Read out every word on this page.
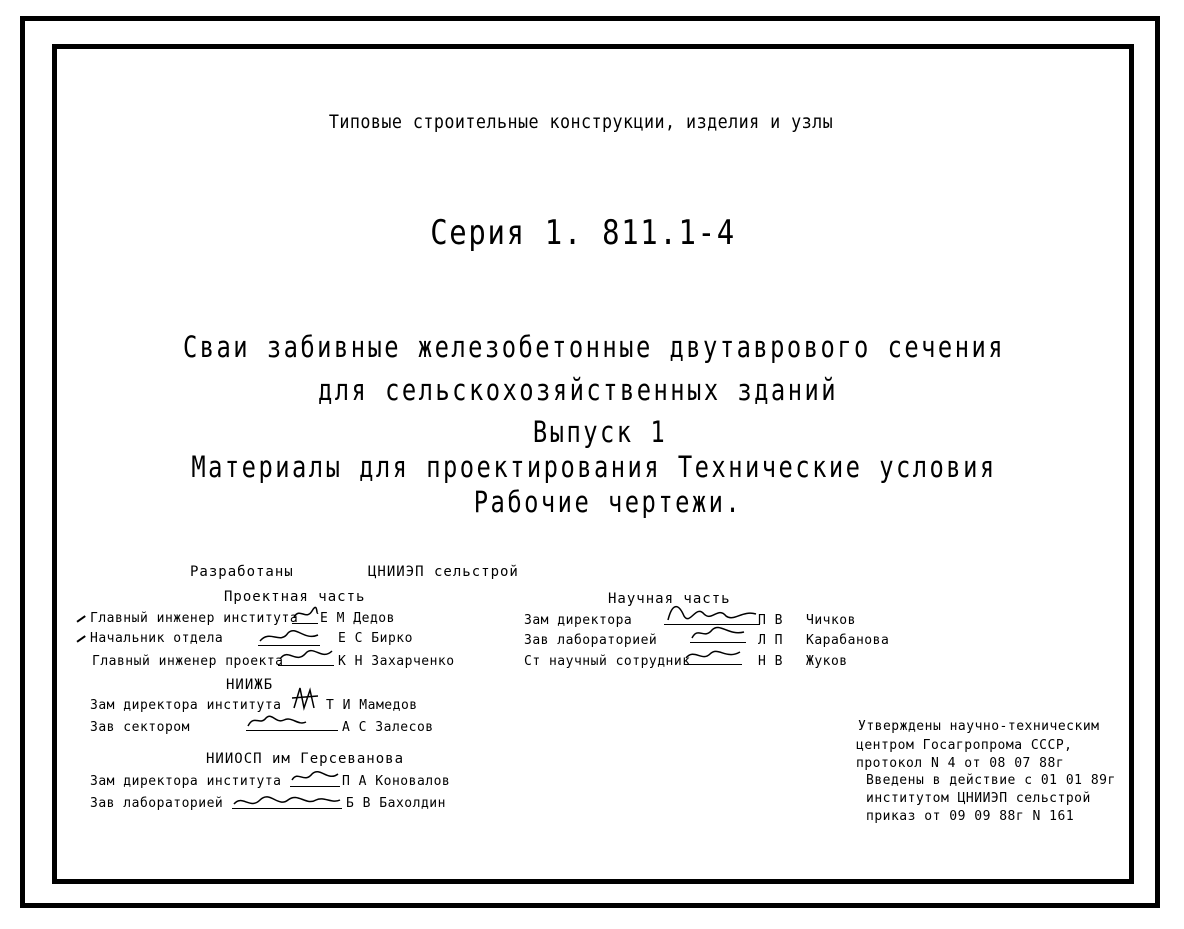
Типовые строительные конструкции, изделия и узлы
Серия 1. 811.1-4
Сваи забивные железобетонные двутаврового сечения
для сельскохозяйственных зданий
Выпуск 1
Материалы для проектирования Технические условия
Рабочие чертежи.
Разработаны	ЦНИИЭП сельстрой
Проектная часть
Главный инженер института Е М Дедов
Начальник отдела	Е С Бирко
Главный инженер проекта	К Н Захарченко
НИИЖБ
Зам директора института	Т И Мамедов
Зав сектором	А С Залесов
НИИОСП им Герсеванова
Зам директора института	П А Коновалов
Зав лабораторией	Б В Бахолдин
Научная часть
Зам директора	П В Чичков
Зав лабораторией	Л П Карабанова
Ст научный сотрудник	Н В Жуков
Утверждены научно-техническим
центром Госагропрома СССР,
протокол N 4 от 08 07 88г
Введены в действие с 01 01 89г
институтом ЦНИИЭП сельстрой
приказ от 09 09 88г N 161
